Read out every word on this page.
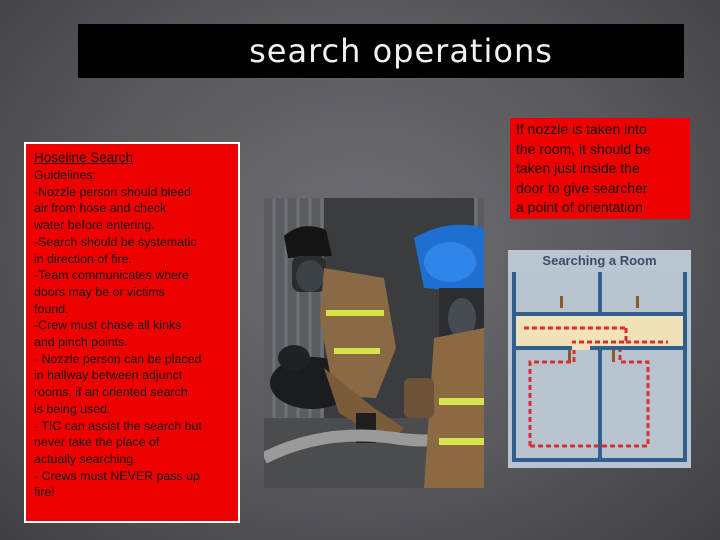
search operations
Hoseline Search

Guidelines:

-Nozzle person should bleed

air from hose and check

water before entering.

-Search should be systematic

in direction of fire.

-Team communicates where

doors may be or victims

found.

-Crew must chase all kinks

and pinch points.

- Nozzle person can be placed

in hallway between adjunct

rooms, if an oriented search

is being used.

- TIC can assist the search but

never take the place of

actually searching.

- Crews must NEVER pass up

fire!

If nozzle is taken into
the room, it should be
taken just inside the
door to give searcher
a point of orientation
Searching a Room
